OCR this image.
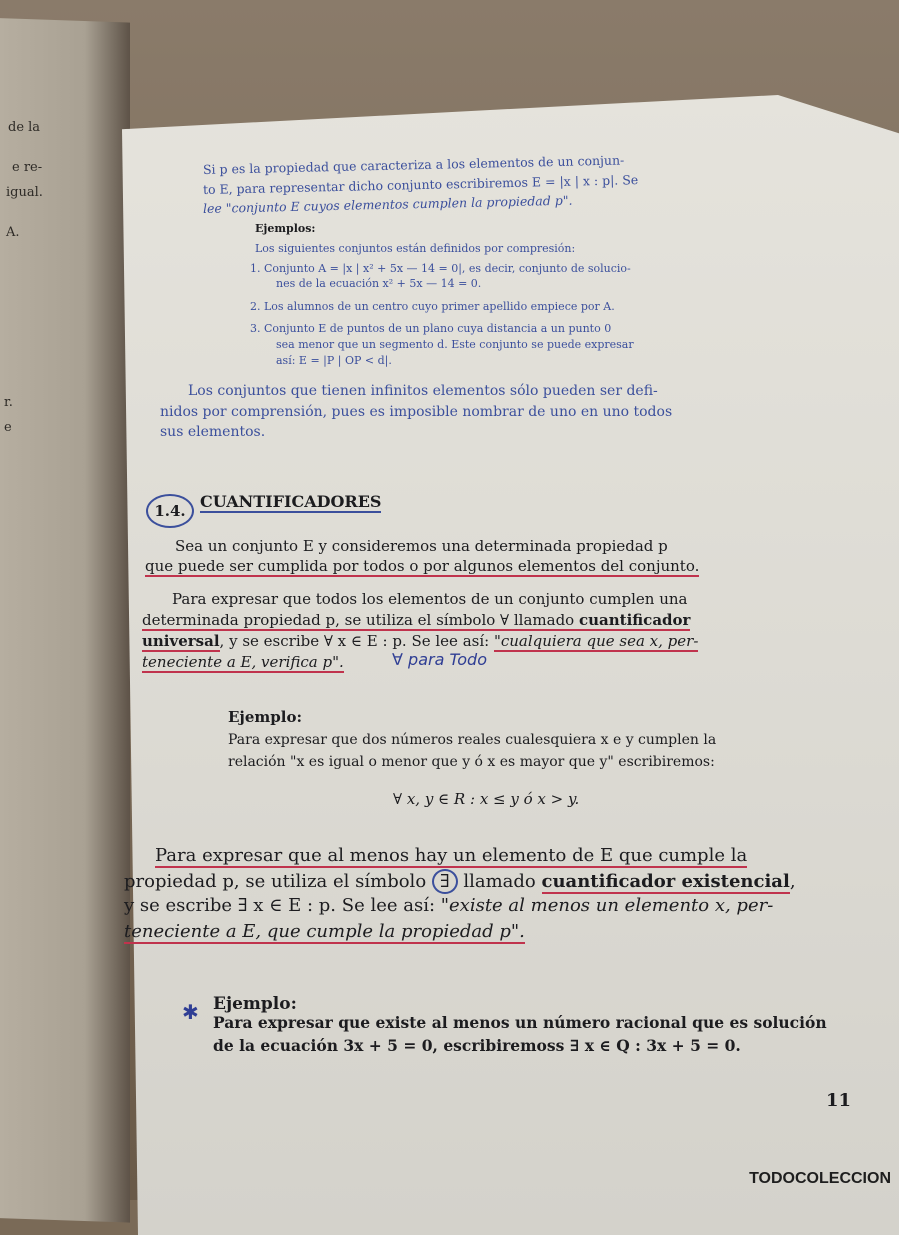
de la
e re-
igual.
A.
r.
e
Si p es la propiedad que caracteriza a los elementos de un conjun-
to E, para representar dicho conjunto escribiremos E = |x | x : p|. Se
lee "conjunto E cuyos elementos cumplen la propiedad p".
Ejemplos:
Los siguientes conjuntos están definidos por compresión:
1. Conjunto A = |x | x² + 5x — 14 = 0|, es decir, conjunto de solucio-
nes de la ecuación x² + 5x — 14 = 0.
2. Los alumnos de un centro cuyo primer apellido empiece por A.
3. Conjunto E de puntos de un plano cuya distancia a un punto 0
sea menor que un segmento d. Este conjunto se puede expresar
así: E = |P | OP < d|.
Los conjuntos que tienen infinitos elementos sólo pueden ser defi-
nidos por comprensión, pues es imposible nombrar de uno en uno todos
sus elementos.
1.4. CUANTIFICADORES
Sea un conjunto E y consideremos una determinada propiedad p
que puede ser cumplida por todos o por algunos elementos del conjunto.
Para expresar que todos los elementos de un conjunto cumplen una
determinada propiedad p, se utiliza el símbolo ∀ llamado cuantificador
universal, y se escribe ∀ x ∈ E : p. Se lee así: "cualquiera que sea x, per-
teneciente a E, verifica p".	∀ para Todo
Ejemplo:
Para expresar que dos números reales cualesquiera x e y cumplen la
relación "x es igual o menor que y ó x es mayor que y" escribiremos:
∀ x, y ∈ R : x ≤ y ó x > y.
Para expresar que al menos hay un elemento de E que cumple la
propiedad p, se utiliza el símbolo ∃ llamado cuantificador existencial,
y se escribe ∃ x ∈ E : p. Se lee así: "existe al menos un elemento x, per-
teneciente a E, que cumple la propiedad p".
✱ Ejemplo:
Para expresar que existe al menos un número racional que es solución
de la ecuación 3x + 5 = 0, escribiremoss ∃ x ∈ Q : 3x + 5 = 0.
11
TODOCOLECCION
